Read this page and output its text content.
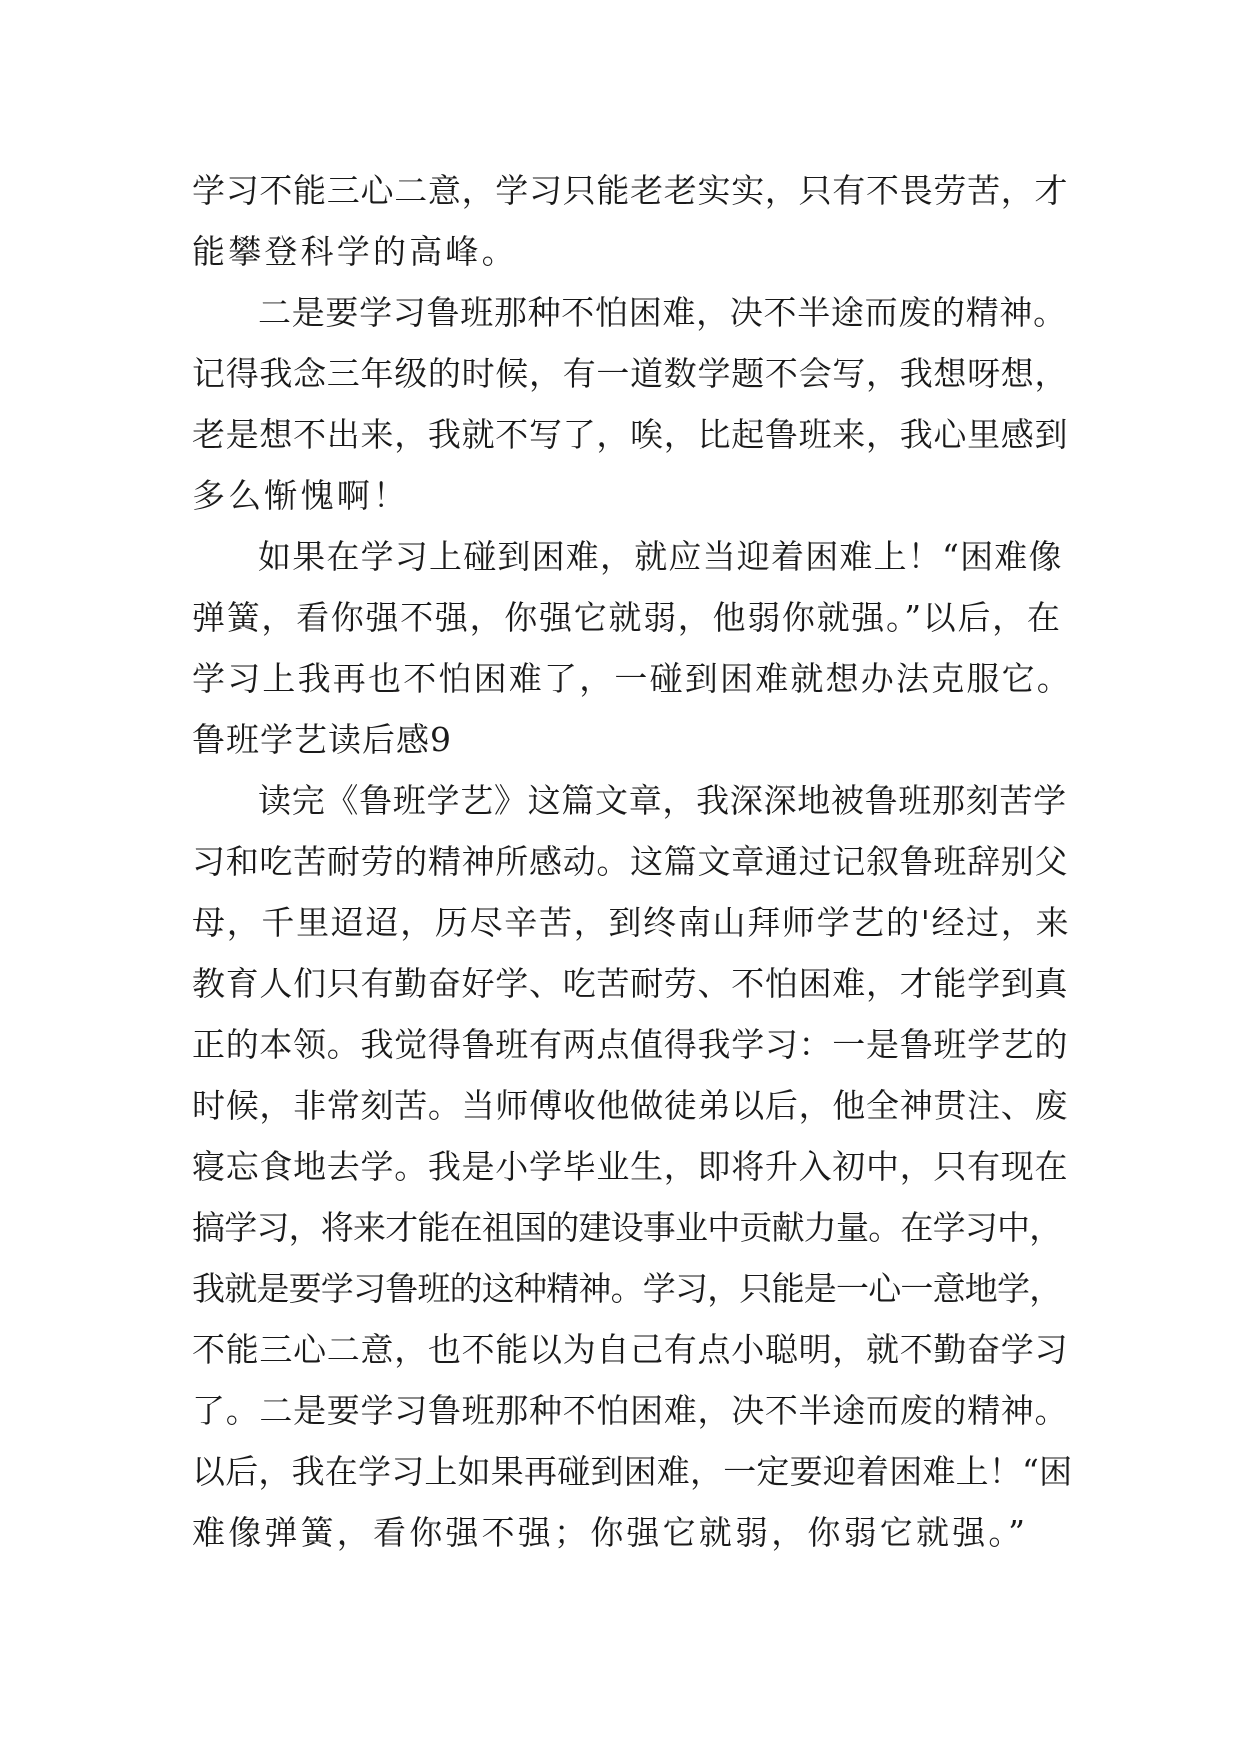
学习不能三心二意，学习只能老老实实，只有不畏劳苦，才
能攀登科学的高峰。
二是要学习鲁班那种不怕困难，决不半途而废的精神。
记得我念三年级的时候，有一道数学题不会写，我想呀想，
老是想不出来，我就不写了，唉，比起鲁班来，我心里感到
多么惭愧啊！
如果在学习上碰到困难，就应当迎着困难上！“困难像
弹簧，看你强不强，你强它就弱，他弱你就强。”以后，在
学习上我再也不怕困难了，一碰到困难就想办法克服它。
鲁班学艺读后感9
读完《鲁班学艺》这篇文章，我深深地被鲁班那刻苦学
习和吃苦耐劳的精神所感动。这篇文章通过记叙鲁班辞别父
母，千里迢迢，历尽辛苦，到终南山拜师学艺的'经过，来
教育人们只有勤奋好学、吃苦耐劳、不怕困难，才能学到真
正的本领。我觉得鲁班有两点值得我学习：一是鲁班学艺的
时候，非常刻苦。当师傅收他做徒弟以后，他全神贯注、废
寝忘食地去学。我是小学毕业生，即将升入初中，只有现在
搞学习，将来才能在祖国的建设事业中贡献力量。在学习中，
我就是要学习鲁班的这种精神。学习，只能是一心一意地学，
不能三心二意，也不能以为自己有点小聪明，就不勤奋学习
了。二是要学习鲁班那种不怕困难，决不半途而废的精神。
以后，我在学习上如果再碰到困难，一定要迎着困难上！“困
难像弹簧，看你强不强；你强它就弱，你弱它就强。”
